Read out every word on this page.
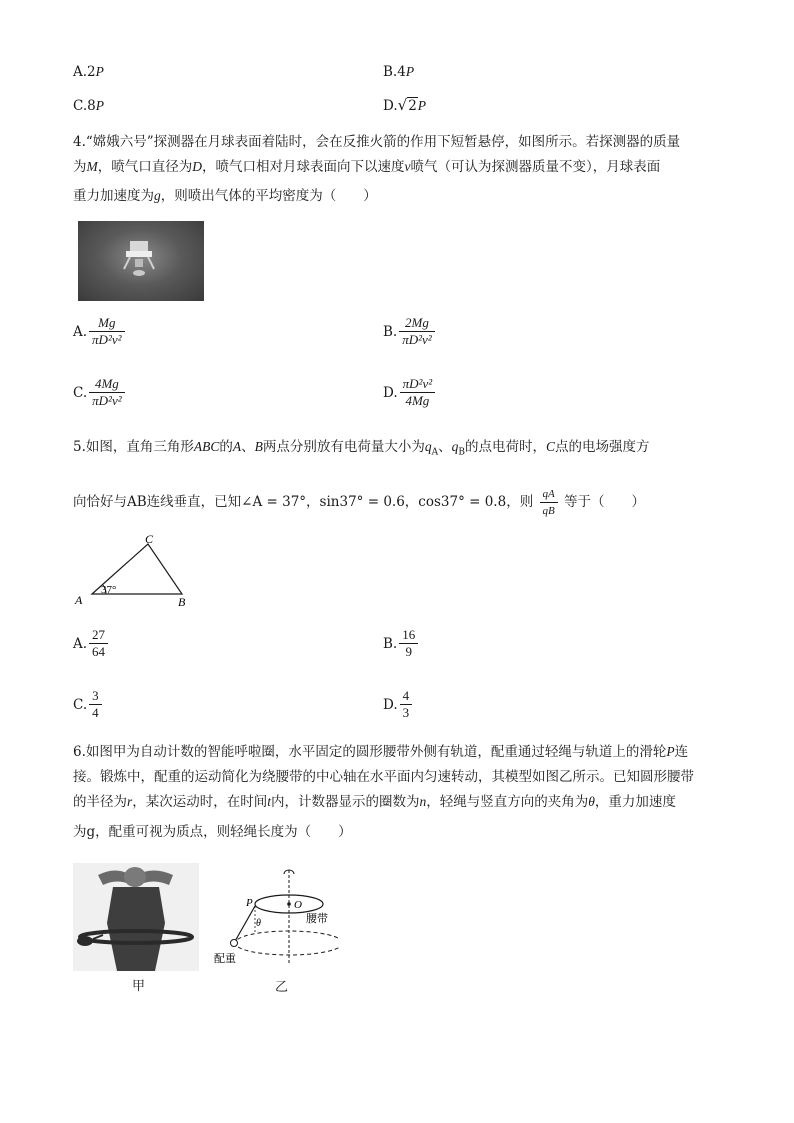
A.2P	B.4P
C.8P	D.√2P
4.“嫦娥六号”探测器在月球表面着陆时，会在反推火箭的作用下短暂悬停，如图所示。若探测器的质量
为M，喷气口直径为D，喷气口相对月球表面向下以速度v喷气（可认为探测器质量不变），月球表面
重力加速度为g，则喷出气体的平均密度为（　　）
A. $\frac{Mg}{\text{πD²v²}}$	B. $\frac{2Mg}{\text{πD²v²}}$
C. $\frac{4Mg}{\text{πD²v²}}$	D. $\frac{\text{πD²v²}}{4Mg}$
5.如图，直角三角形ABC的A、B两点分别放有电荷量大小为$q_A$、$q_B$的点电荷时，C点的电场强度方
向恰好与AB连线垂直，已知∠A = 37°，sin37° = 0.6，cos37° = 0.8，则 $\frac{qA}{qB}$ 等于（　　）
C
A	B
37°
A. $\frac{27}{64}$	B. $\frac{16}{9}$
C. $\frac{3}{4}$	D. $\frac{4}{3}$
6.如图甲为自动计数的智能呼啦圈，水平固定的圆形腰带外侧有轨道，配重通过轻绳与轨道上的滑轮P连
接。锻炼中，配重的运动简化为绕腰带的中心轴在水平面内匀速转动，其模型如图乙所示。已知圆形腰带
的半径为r，某次运动时，在时间t内，计数器显示的圈数为n，轻绳与竖直方向的夹角为θ，重力加速度
为g，配重可视为质点，则轻绳长度为（　　）
甲
P	O
θ	腰带
配重
乙
